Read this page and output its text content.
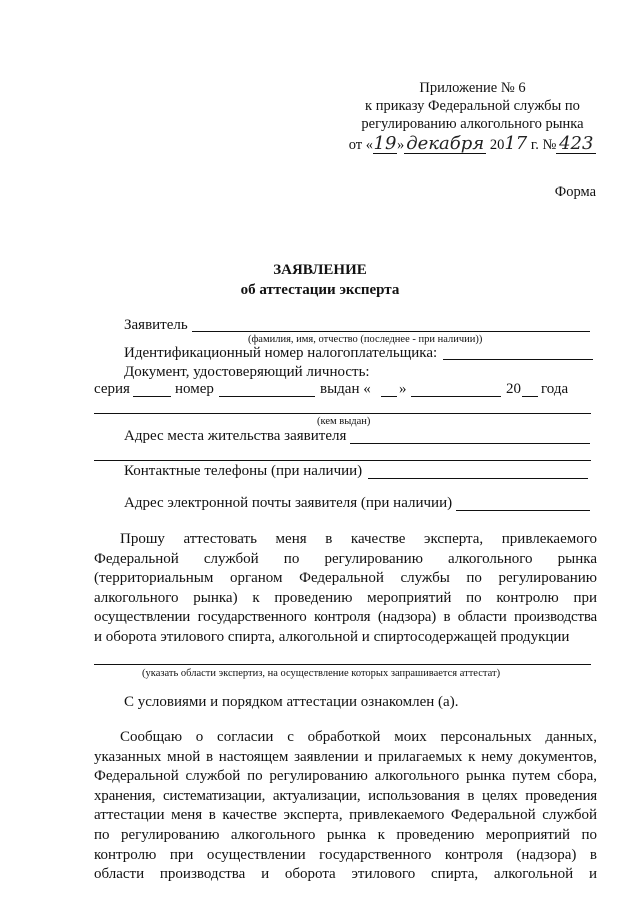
Приложение № 6
к приказу Федеральной службы по
регулированию алкогольного рынка
от «19» декабря 2017 г. № 423
Форма
ЗАЯВЛЕНИЕ
об аттестации эксперта
Заявитель
(фамилия, имя, отчество (последнее - при наличии))
Идентификационный номер налогоплательщика:
Документ, удостоверяющий личность:
серия	номер	выдан « »	20 года
(кем выдан)
Адрес места жительства заявителя
Контактные телефоны (при наличии)
Адрес электронной почты заявителя (при наличии)
Прошу аттестовать меня в качестве эксперта, привлекаемого
Федеральной службой по регулированию алкогольного рынка
(территориальным органом Федеральной службы по регулированию
алкогольного рынка) к проведению мероприятий по контролю при
осуществлении государственного контроля (надзора) в области производства
и оборота этилового спирта, алкогольной и спиртосодержащей продукции
(указать области экспертиз, на осуществление которых запрашивается аттестат)
С условиями и порядком аттестации ознакомлен (а).
Сообщаю о согласии с обработкой моих персональных данных,
указанных мной в настоящем заявлении и прилагаемых к нему документов,
Федеральной службой по регулированию алкогольного рынка путем сбора,
хранения, систематизации, актуализации, использования в целях проведения
аттестации меня в качестве эксперта, привлекаемого Федеральной службой
по регулированию алкогольного рынка к проведению мероприятий по
контролю при осуществлении государственного контроля (надзора) в
области производства и оборота этилового спирта, алкогольной и
